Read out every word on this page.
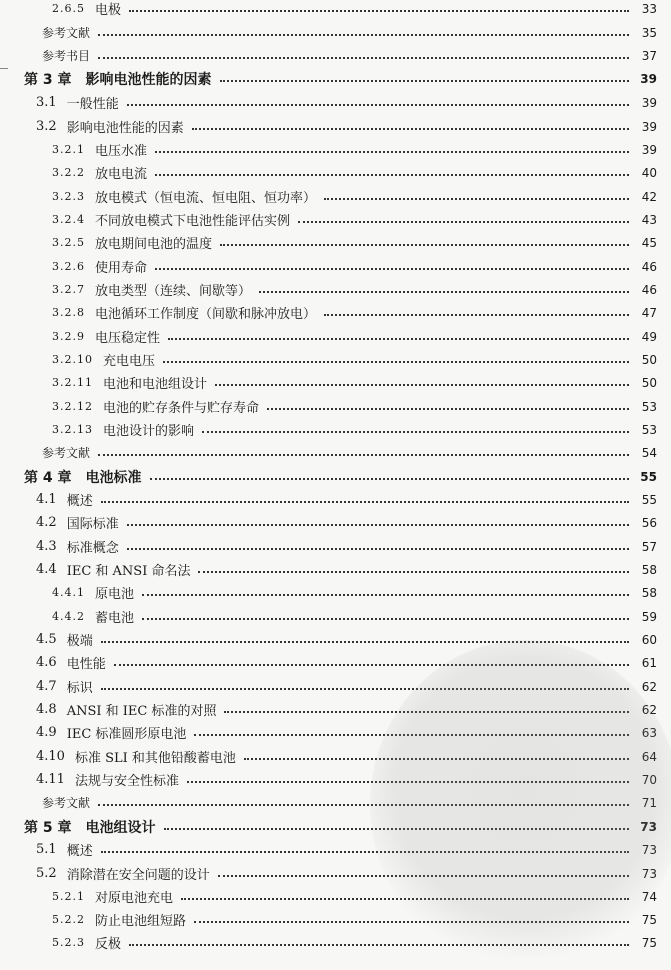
2.6.5 电极	33
参考文献	35
参考书目	37
第 3 章 影响电池性能的因素	39
3.1 一般性能	39
3.2 影响电池性能的因素	39
3.2.1 电压水准	39
3.2.2 放电电流	40
3.2.3 放电模式（恒电流、恒电阻、恒功率）	42
3.2.4 不同放电模式下电池性能评估实例	43
3.2.5 放电期间电池的温度	45
3.2.6 使用寿命	46
3.2.7 放电类型（连续、间歇等）	46
3.2.8 电池循环工作制度（间歇和脉冲放电）	47
3.2.9 电压稳定性	49
3.2.10 充电电压	50
3.2.11 电池和电池组设计	50
3.2.12 电池的贮存条件与贮存寿命	53
3.2.13 电池设计的影响	53
参考文献	54
第 4 章 电池标准	55
4.1 概述	55
4.2 国际标准	56
4.3 标准概念	57
4.4 IEC 和 ANSI 命名法	58
4.4.1 原电池	58
4.4.2 蓄电池	59
4.5 极端	60
4.6 电性能	61
4.7 标识	62
4.8 ANSI 和 IEC 标准的对照	62
4.9 IEC 标准圆形原电池	63
4.10 标准 SLI 和其他铅酸蓄电池	64
4.11 法规与安全性标准	70
参考文献	71
第 5 章 电池组设计	73
5.1 概述	73
5.2 消除潜在安全问题的设计	73
5.2.1 对原电池充电	74
5.2.2 防止电池组短路	75
5.2.3 反极	75
